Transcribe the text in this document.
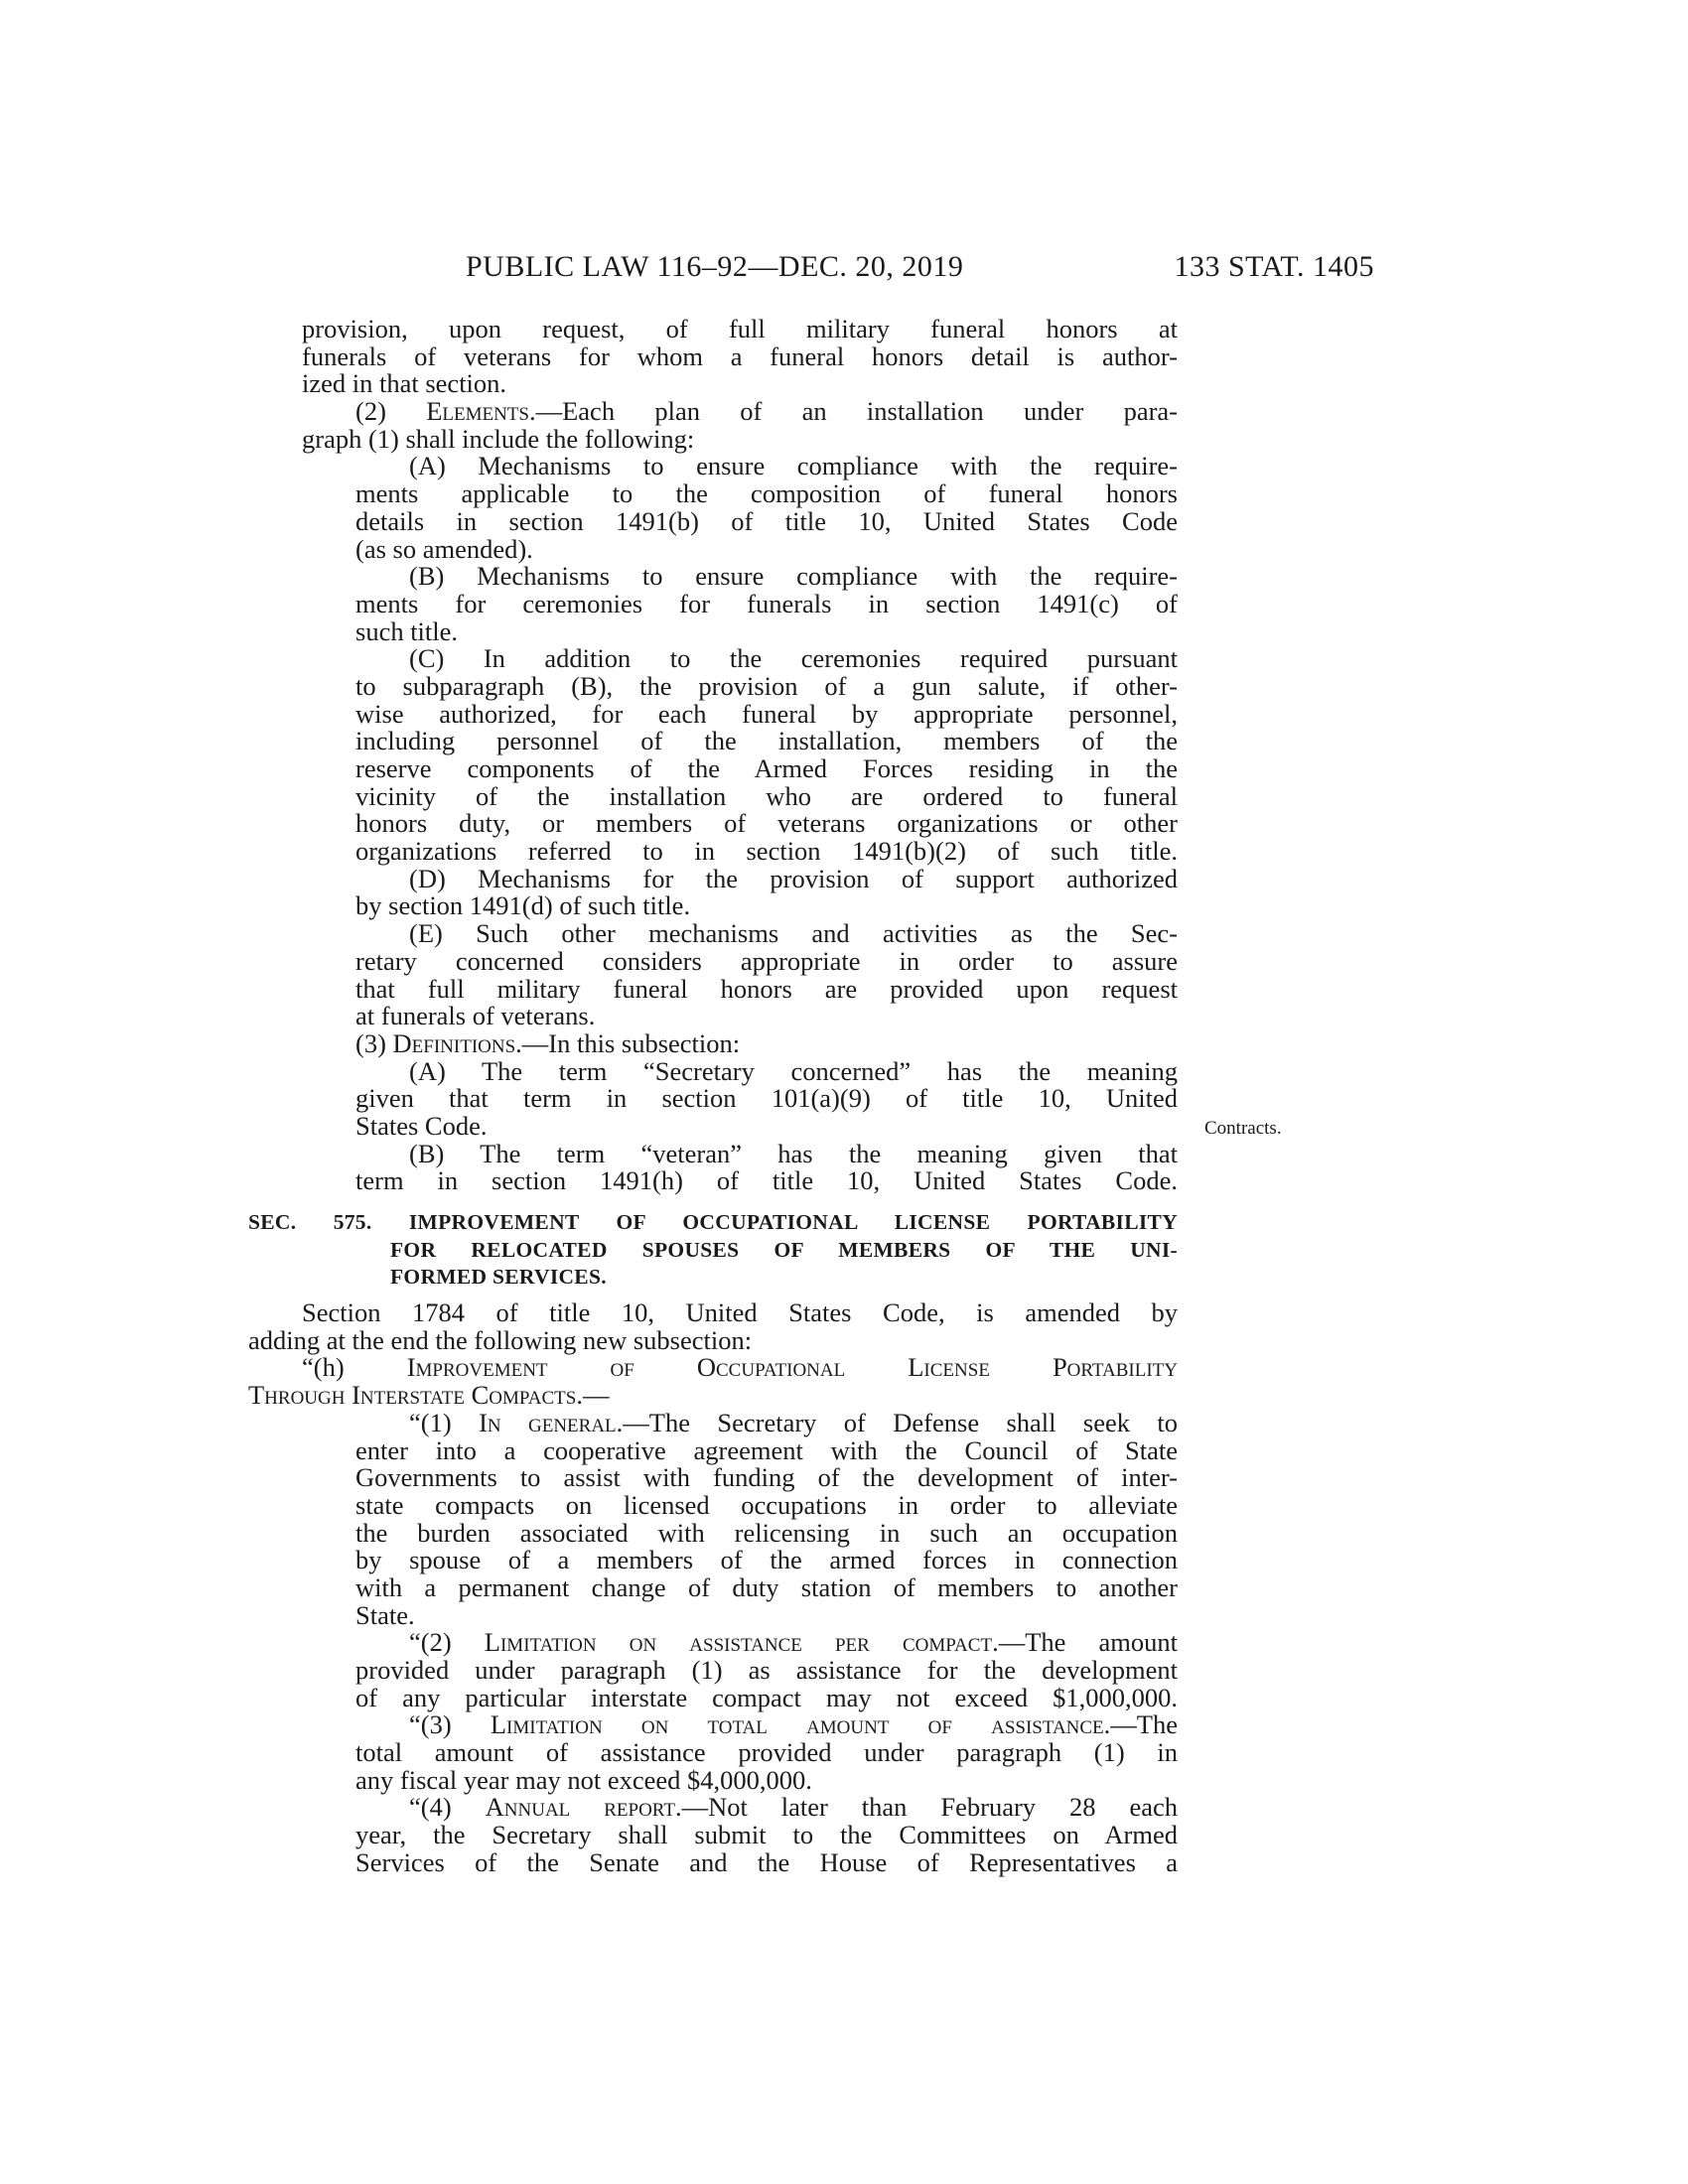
PUBLIC LAW 116–92—DEC. 20, 2019	133 STAT. 1405
Contracts.
provision, upon request, of full military funeral honors at
funerals of veterans for whom a funeral honors detail is author-
ized in that section.
(2) Elements.—Each plan of an installation under para-
graph (1) shall include the following:
(A) Mechanisms to ensure compliance with the require-
ments applicable to the composition of funeral honors
details in section 1491(b) of title 10, United States Code
(as so amended).
(B) Mechanisms to ensure compliance with the require-
ments for ceremonies for funerals in section 1491(c) of
such title.
(C) In addition to the ceremonies required pursuant
to subparagraph (B), the provision of a gun salute, if other-
wise authorized, for each funeral by appropriate personnel,
including personnel of the installation, members of the
reserve components of the Armed Forces residing in the
vicinity of the installation who are ordered to funeral
honors duty, or members of veterans organizations or other
organizations referred to in section 1491(b)(2) of such title.
(D) Mechanisms for the provision of support authorized
by section 1491(d) of such title.
(E) Such other mechanisms and activities as the Sec-
retary concerned considers appropriate in order to assure
that full military funeral honors are provided upon request
at funerals of veterans.
(3) Definitions.—In this subsection:
(A) The term “Secretary concerned” has the meaning
given that term in section 101(a)(9) of title 10, United
States Code.
(B) The term “veteran” has the meaning given that
term in section 1491(h) of title 10, United States Code.
SEC. 575. IMPROVEMENT OF OCCUPATIONAL LICENSE PORTABILITY
FOR RELOCATED SPOUSES OF MEMBERS OF THE UNI-
FORMED SERVICES.
Section 1784 of title 10, United States Code, is amended by
adding at the end the following new subsection:
“(h) Improvement of Occupational License Portability
Through Interstate Compacts.—
“(1) In general.—The Secretary of Defense shall seek to
enter into a cooperative agreement with the Council of State
Governments to assist with funding of the development of inter-
state compacts on licensed occupations in order to alleviate
the burden associated with relicensing in such an occupation
by spouse of a members of the armed forces in connection
with a permanent change of duty station of members to another
State.
“(2) Limitation on assistance per compact.—The amount
provided under paragraph (1) as assistance for the development
of any particular interstate compact may not exceed $1,000,000.
“(3) Limitation on total amount of assistance.—The
total amount of assistance provided under paragraph (1) in
any fiscal year may not exceed $4,000,000.
“(4) Annual report.—Not later than February 28 each
year, the Secretary shall submit to the Committees on Armed
Services of the Senate and the House of Representatives a
